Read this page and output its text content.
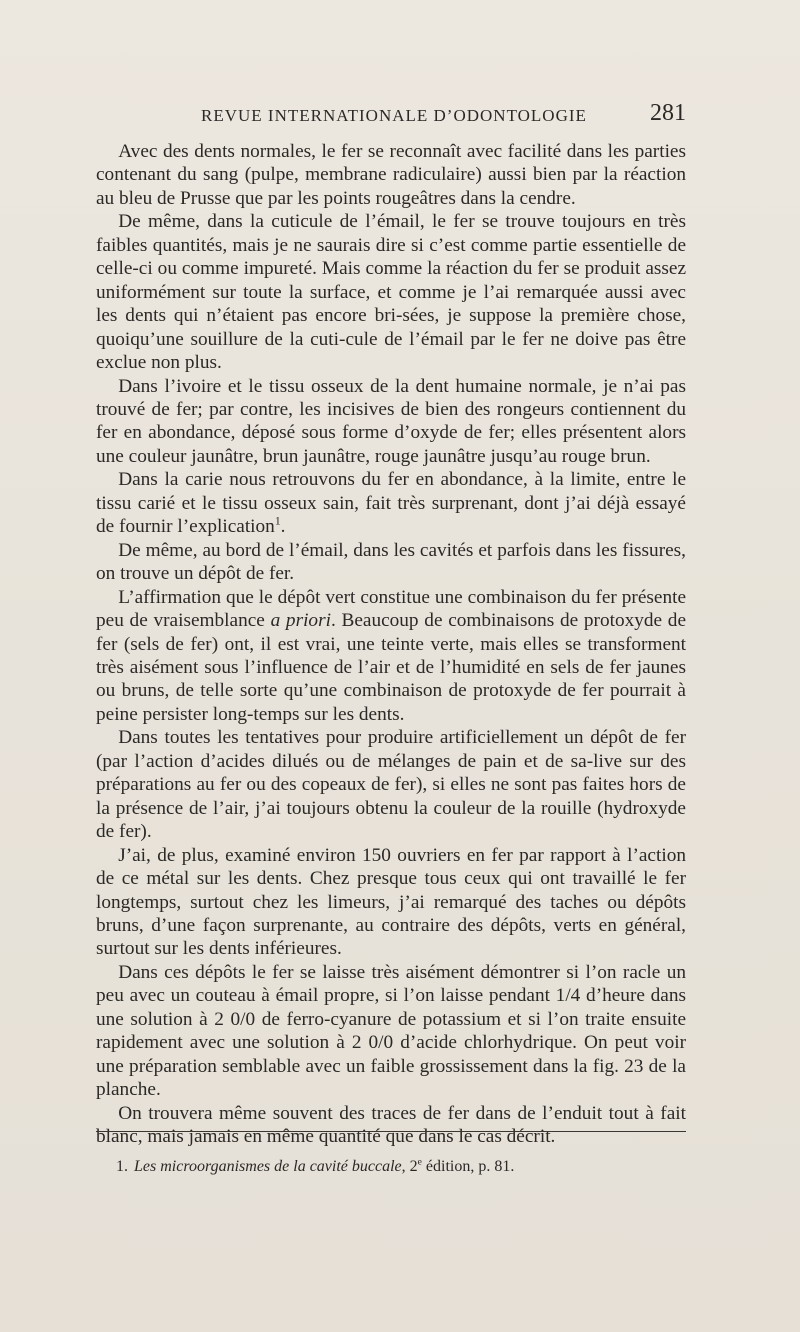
REVUE INTERNATIONALE D’ODONTOLOGIE	281

Avec des dents normales, le fer se reconnaît avec facilité dans les parties contenant du sang (pulpe, membrane radiculaire) aussi bien par la réaction au bleu de Prusse que par les points rougeâtres dans la cendre.

De même, dans la cuticule de l’émail, le fer se trouve toujours en très faibles quantités, mais je ne saurais dire si c’est comme partie essentielle de celle-ci ou comme impureté. Mais comme la réaction du fer se produit assez uniformément sur toute la surface, et comme je l’ai remarquée aussi avec les dents qui n’étaient pas encore bri-sées, je suppose la première chose, quoiqu’une souillure de la cuti-cule de l’émail par le fer ne doive pas être exclue non plus.

Dans l’ivoire et le tissu osseux de la dent humaine normale, je n’ai pas trouvé de fer; par contre, les incisives de bien des rongeurs contiennent du fer en abondance, déposé sous forme d’oxyde de fer; elles présentent alors une couleur jaunâtre, brun jaunâtre, rouge jaunâtre jusqu’au rouge brun.

Dans la carie nous retrouvons du fer en abondance, à la limite, entre le tissu carié et le tissu osseux sain, fait très surprenant, dont j’ai déjà essayé de fournir l’explication$^1$.

De même, au bord de l’émail, dans les cavités et parfois dans les fissures, on trouve un dépôt de fer.

L’affirmation que le dépôt vert constitue une combinaison du fer présente peu de vraisemblance a priori. Beaucoup de combinaisons de protoxyde de fer (sels de fer) ont, il est vrai, une teinte verte, mais elles se transforment très aisément sous l’influence de l’air et de l’humidité en sels de fer jaunes ou bruns, de telle sorte qu’une combinaison de protoxyde de fer pourrait à peine persister long-temps sur les dents.

Dans toutes les tentatives pour produire artificiellement un dépôt de fer (par l’action d’acides dilués ou de mélanges de pain et de sa-live sur des préparations au fer ou des copeaux de fer), si elles ne sont pas faites hors de la présence de l’air, j’ai toujours obtenu la couleur de la rouille (hydroxyde de fer).

J’ai, de plus, examiné environ 150 ouvriers en fer par rapport à l’action de ce métal sur les dents. Chez presque tous ceux qui ont travaillé le fer longtemps, surtout chez les limeurs, j’ai remarqué des taches ou dépôts bruns, d’une façon surprenante, au contraire des dépôts, verts en général, surtout sur les dents inférieures.

Dans ces dépôts le fer se laisse très aisément démontrer si l’on racle un peu avec un couteau à émail propre, si l’on laisse pendant 1/4 d’heure dans une solution à 2 0/0 de ferro-cyanure de potassium et si l’on traite ensuite rapidement avec une solution à 2 0/0 d’acide chlorhydrique. On peut voir une préparation semblable avec un faible grossissement dans la fig. 23 de la planche.

On trouvera même souvent des traces de fer dans de l’enduit tout à fait blanc, mais jamais en même quantité que dans le cas décrit.

1. Les microorganismes de la cavité buccale, 2e édition, p. 81.
